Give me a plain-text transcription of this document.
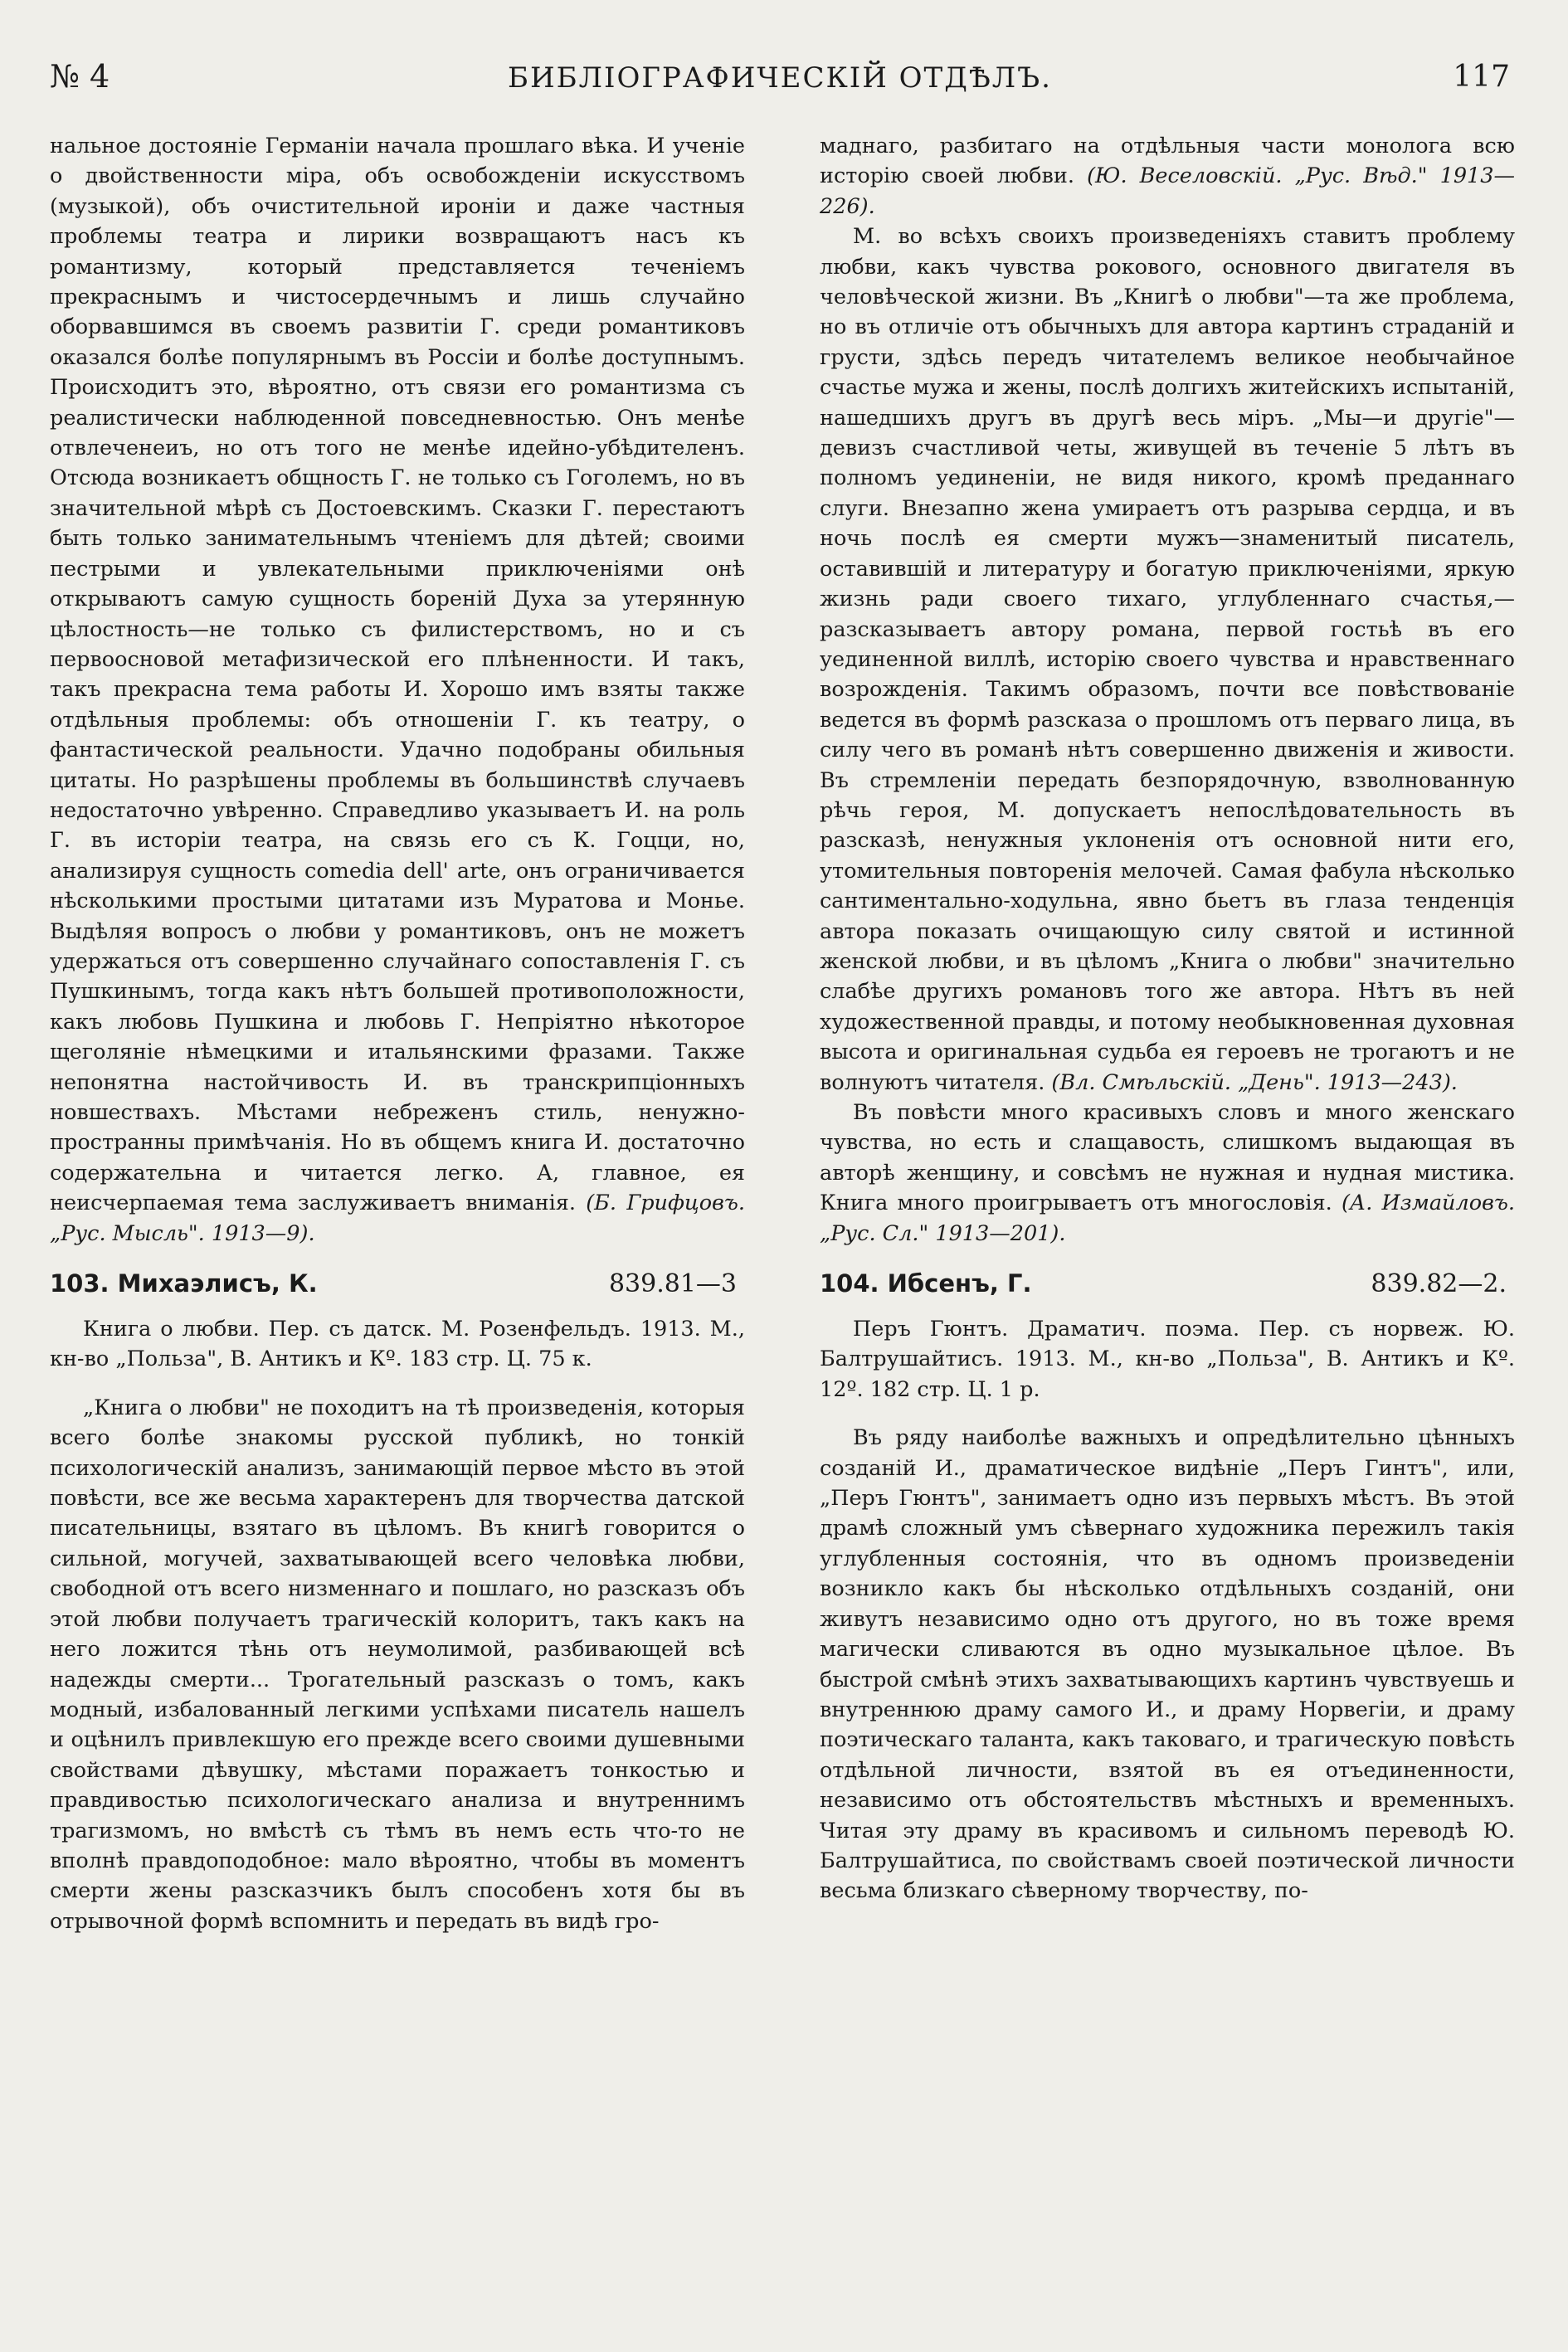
№ 4	БИБЛІОГРАФИЧЕСКІЙ ОТДѢЛЪ.	117

нальное достояніе Германіи начала прошлаго вѣка. И ученіе о двойственности міра, объ освобожденіи искусствомъ (музыкой), объ очистительной ироніи и даже частныя проблемы театра и лирики возвращаютъ насъ къ романтизму, который представляется теченіемъ прекраснымъ и чистосердечнымъ и лишь случайно оборвавшимся въ своемъ развитіи Г. среди романтиковъ оказался болѣе популярнымъ въ Россіи и болѣе доступнымъ. Происходитъ это, вѣроятно, отъ связи его романтизма съ реалистически наблюденной повседневностью. Онъ менѣе отвлеченеиъ, но отъ того не менѣе идейно-убѣдителенъ. Отсюда возникаетъ общность Г. не только съ Гоголемъ, но въ значительной мѣрѣ съ Достоевскимъ. Сказки Г. перестаютъ быть только занимательнымъ чтеніемъ для дѣтей; своими пестрыми и увлекательными приключеніями онѣ открываютъ самую сущность бореній Духа за утерянную цѣлостность—не только съ филистерствомъ, но и съ первоосновой метафизической его плѣненности. И такъ, такъ прекрасна тема работы И. Хорошо имъ взяты также отдѣльныя проблемы: объ отношеніи Г. къ театру, о фантастической реальности. Удачно подобраны обильныя цитаты. Но разрѣшены проблемы въ большинствѣ случаевъ недостаточно увѣренно. Справедливо указываетъ И. на роль Г. въ исторіи театра, на связь его съ К. Гоцци, но, анализируя сущность comedia dell' arte, онъ ограничивается нѣсколькими простыми цитатами изъ Муратова и Монье. Выдѣляя вопросъ о любви у романтиковъ, онъ не можетъ удержаться отъ совершенно случайнаго сопоставленія Г. съ Пушкинымъ, тогда какъ нѣтъ большей противоположности, какъ любовь Пушкина и любовь Г. Непріятно нѣкоторое щеголяніе нѣмецкими и итальянскими фразами. Также непонятна настойчивость И. въ транскрипціонныхъ новшествахъ. Мѣстами небреженъ стиль, ненужно-пространны примѣчанія. Но въ общемъ книга И. достаточно содержательна и читается легко. А, главное, ея неисчерпаемая тема заслуживаетъ вниманія. (Б. Грифцовъ. „Рус. Мысль". 1913—9).

103. Михаэлисъ, К.	839.81—3

Книга о любви. Пер. съ датск. М. Розенфельдъ. 1913. М., кн-во „Польза", В. Антикъ и Кº. 183 стр. Ц. 75 к.

„Книга о любви" не походитъ на тѣ произведенія, которыя всего болѣе знакомы русской публикѣ, но тонкій психологическій анализъ, занимающій первое мѣсто въ этой повѣсти, все же весьма характеренъ для творчества датской писательницы, взятаго въ цѣломъ. Въ книгѣ говорится о сильной, могучей, захватывающей всего человѣка любви, свободной отъ всего низменнаго и пошлаго, но разсказъ объ этой любви получаетъ трагическій колоритъ, такъ какъ на него ложится тѣнь отъ неумолимой, разбивающей всѣ надежды смерти... Трогательный разсказъ о томъ, какъ модный, избалованный легкими успѣхами писатель нашелъ и оцѣнилъ привлекшую его прежде всего своими душевными свойствами дѣвушку, мѣстами поражаетъ тонкостью и правдивостью психологическаго анализа и внутреннимъ трагизмомъ, но вмѣстѣ съ тѣмъ въ немъ есть что-то не вполнѣ правдоподобное: мало вѣроятно, чтобы въ моментъ смерти жены разсказчикъ былъ способенъ хотя бы въ отрывочной формѣ вспомнить и передать въ видѣ гро-

маднаго, разбитаго на отдѣльныя части монолога всю исторію своей любви. (Ю. Веселовскій. „Рус. Вѣд." 1913—226).

М. во всѣхъ своихъ произведеніяхъ ставитъ проблему любви, какъ чувства рокового, основного двигателя въ человѣческой жизни. Въ „Книгѣ о любви"—та же проблема, но въ отличіе отъ обычныхъ для автора картинъ страданій и грусти, здѣсь передъ читателемъ великое необычайное счастье мужа и жены, послѣ долгихъ житейскихъ испытаній, нашедшихъ другъ въ другѣ весь міръ. „Мы—и другіе"—девизъ счастливой четы, живущей въ теченіе 5 лѣтъ въ полномъ уединеніи, не видя никого, кромѣ преданнаго слуги. Внезапно жена умираетъ отъ разрыва сердца, и въ ночь послѣ ея смерти мужъ—знаменитый писатель, оставившій и литературу и богатую приключеніями, яркую жизнь ради своего тихаго, углубленнаго счастья,—разсказываетъ автору романа, первой гостьѣ въ его уединенной виллѣ, исторію своего чувства и нравственнаго возрожденія. Такимъ образомъ, почти все повѣствованіе ведется въ формѣ разсказа о прошломъ отъ перваго лица, въ силу чего въ романѣ нѣтъ совершенно движенія и живости. Въ стремленіи передать безпорядочную, взволнованную рѣчь героя, М. допускаетъ непослѣдовательность въ разсказѣ, ненужныя уклоненія отъ основной нити его, утомительныя повторенія мелочей. Самая фабула нѣсколько сантиментально-ходульна, явно бьетъ въ глаза тенденція автора показать очищающую силу святой и истинной женской любви, и въ цѣломъ „Книга о любви" значительно слабѣе другихъ романовъ того же автора. Нѣтъ въ ней художественной правды, и потому необыкновенная духовная высота и оригинальная судьба ея героевъ не трогаютъ и не волнуютъ читателя. (Вл. Смѣльскій. „День". 1913—243).

Въ повѣсти много красивыхъ словъ и много женскаго чувства, но есть и слащавость, слишкомъ выдающая въ авторѣ женщину, и совсѣмъ не нужная и нудная мистика. Книга много проигрываетъ отъ многословія. (А. Измайловъ. „Рус. Сл." 1913—201).

104. Ибсенъ, Г.	839.82—2.

Перъ Гюнтъ. Драматич. поэма. Пер. съ норвеж. Ю. Балтрушайтисъ. 1913. М., кн-во „Польза", В. Антикъ и Кº. 12º. 182 стр. Ц. 1 р.

Въ ряду наиболѣе важныхъ и опредѣлительно цѣнныхъ созданій И., драматическое видѣніе „Перъ Гинтъ", или, „Перъ Гюнтъ", занимаетъ одно изъ первыхъ мѣстъ. Въ этой драмѣ сложный умъ сѣвернаго художника пережилъ такія углубленныя состоянія, что въ одномъ произведеніи возникло какъ бы нѣсколько отдѣльныхъ созданій, они живутъ независимо одно отъ другого, но въ тоже время магически сливаются въ одно музыкальное цѣлое. Въ быстрой смѣнѣ этихъ захватывающихъ картинъ чувствуешь и внутреннюю драму самого И., и драму Норвегіи, и драму поэтическаго таланта, какъ таковаго, и трагическую повѣсть отдѣльной личности, взятой въ ея отъединенности, независимо отъ обстоятельствъ мѣстныхъ и временныхъ. Читая эту драму въ красивомъ и сильномъ переводѣ Ю. Балтрушайтиса, по свойствамъ своей поэтической личности весьма близкаго сѣверному творчеству, по-
